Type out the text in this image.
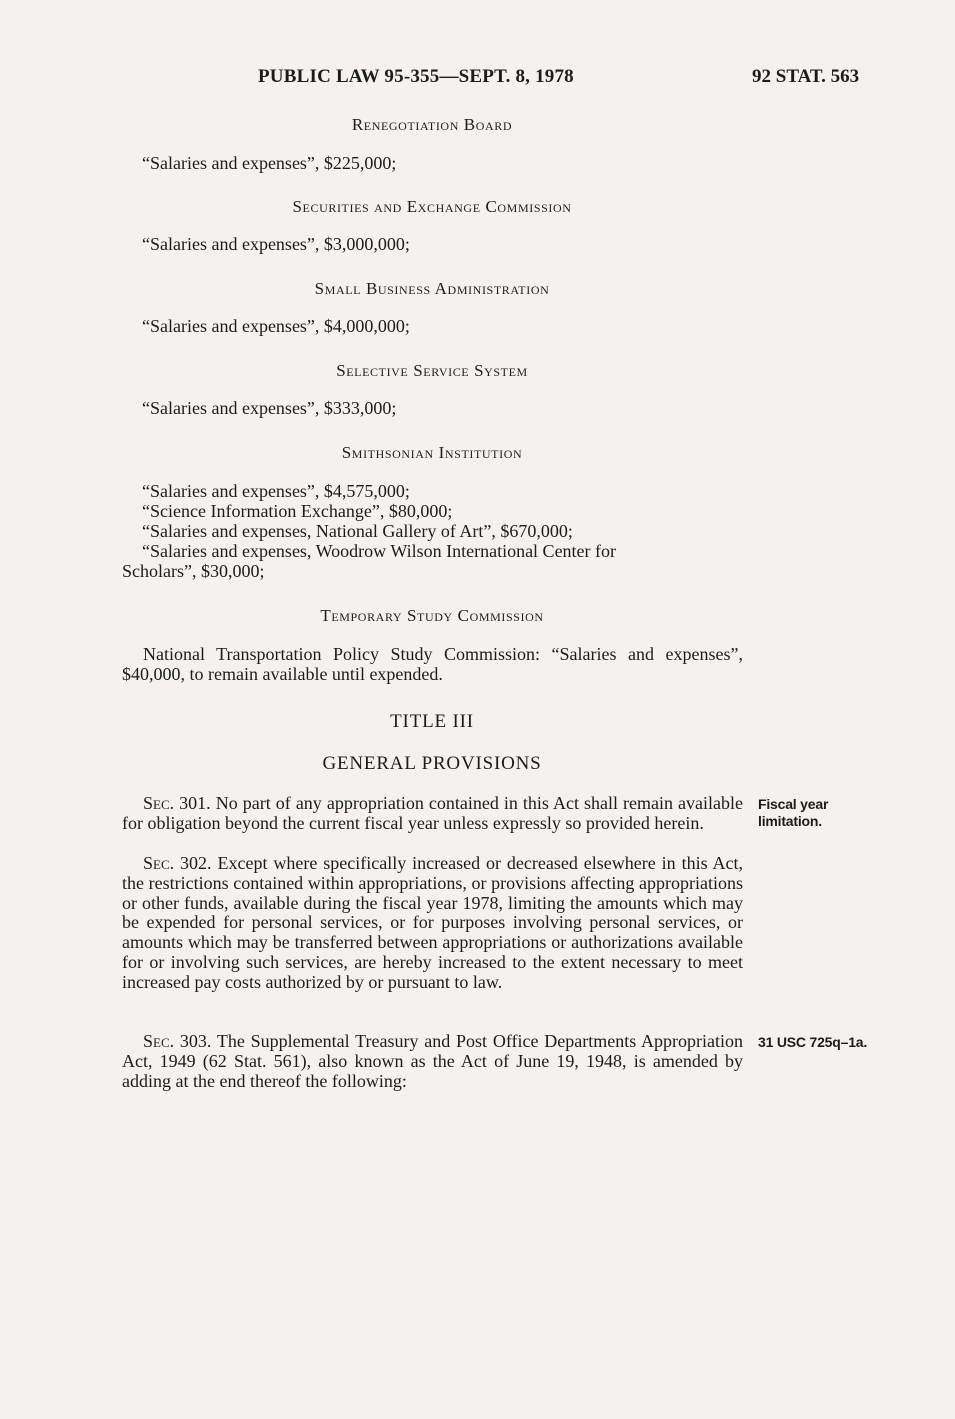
PUBLIC LAW 95-355—SEPT. 8, 1978	92 STAT. 563
Renegotiation Board
“Salaries and expenses”, $225,000;
Securities and Exchange Commission
“Salaries and expenses”, $3,000,000;
Small Business Administration
“Salaries and expenses”, $4,000,000;
Selective Service System
“Salaries and expenses”, $333,000;
Smithsonian Institution
“Salaries and expenses”, $4,575,000;
“Science Information Exchange”, $80,000;
“Salaries and expenses, National Gallery of Art”, $670,000;
“Salaries and expenses, Woodrow Wilson International Center for
Scholars”, $30,000;
Temporary Study Commission
National Transportation Policy Study Commission: “Salaries and expenses”, $40,000, to remain available until expended.
TITLE III
GENERAL PROVISIONS
Sec. 301. No part of any appropriation contained in this Act shall remain available for obligation beyond the current fiscal year unless expressly so provided herein.
Sec. 302. Except where specifically increased or decreased elsewhere in this Act, the restrictions contained within appropriations, or provisions affecting appropriations or other funds, available during the fiscal year 1978, limiting the amounts which may be expended for personal services, or for purposes involving personal services, or amounts which may be transferred between appropriations or authorizations available for or involving such services, are hereby increased to the extent necessary to meet increased pay costs authorized by or pursuant to law.
Sec. 303. The Supplemental Treasury and Post Office Departments Appropriation Act, 1949 (62 Stat. 561), also known as the Act of June 19, 1948, is amended by adding at the end thereof the following:
Fiscal year
limitation.
31 USC 725q–1a.
